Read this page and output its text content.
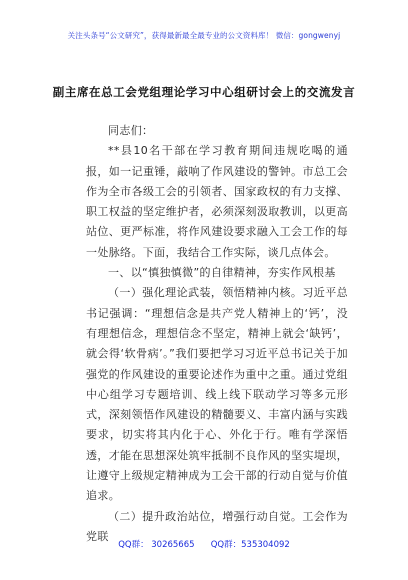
关注头条号“公文研究”，获得最新最全最专业的公文资料库！ 微信：gongwenyj
副主席在总工会党组理论学习中心组研讨会上的交流发言

同志们：

**县10名干部在学习教育期间违规吃喝的通报，如一记重锤，敲响了作风建设的警钟。市总工会作为全市各级工会的引领者、国家政权的有力支撑、职工权益的坚定维护者，必须深刻汲取教训，以更高站位、更严标准，将作风建设要求融入工会工作的每一处脉络。下面，我结合工作实际，谈几点体会。

一、以“慎独慎微”的自律精神，夯实作风根基

（一）强化理论武装，领悟精神内核。习近平总书记强调：“理想信念是共产党人精神上的‘钙’，没有理想信念，理想信念不坚定，精神上就会‘缺钙’，就会得‘软骨病’。”我们要把学习习近平总书记关于加强党的作风建设的重要论述作为重中之重。通过党组中心组学习专题培训、线上线下联动学习等多元形式，深刻领悟作风建设的精髓要义、丰富内涵与实践要求，切实将其内化于心、外化于行。唯有学深悟透，才能在思想深处筑牢抵制不良作风的坚实堤坝，让遵守上级规定精神成为工会干部的行动自觉与价值追求。

（二）提升政治站位，增强行动自觉。工会作为党联

QQ群： 30265665      QQ群：535304092
